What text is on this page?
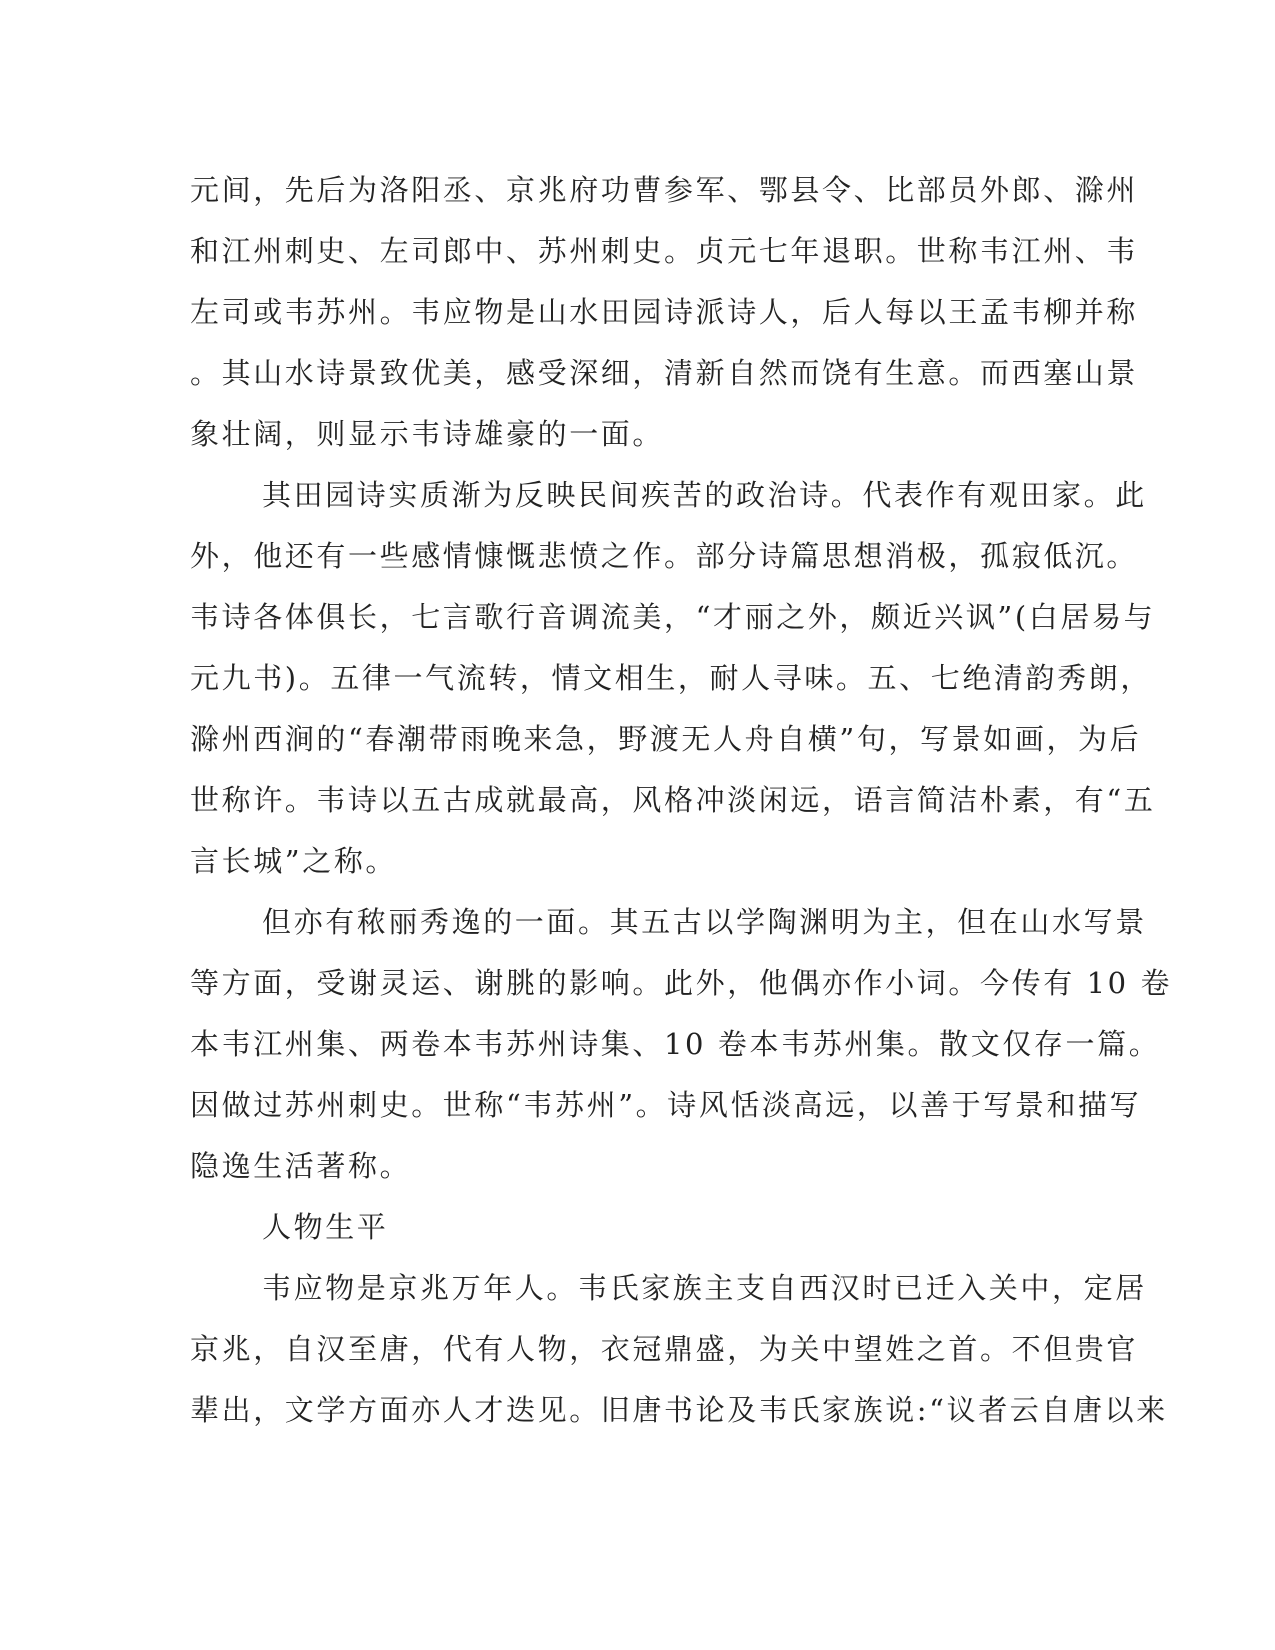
元间，先后为洛阳丞、京兆府功曹参军、鄂县令、比部员外郎、滁州

和江州刺史、左司郎中、苏州刺史。贞元七年退职。世称韦江州、韦

左司或韦苏州。韦应物是山水田园诗派诗人，后人每以王孟韦柳并称

。其山水诗景致优美，感受深细，清新自然而饶有生意。而西塞山景

象壮阔，则显示韦诗雄豪的一面。

其田园诗实质渐为反映民间疾苦的政治诗。代表作有观田家。此

外，他还有一些感情慷慨悲愤之作。部分诗篇思想消极，孤寂低沉。

韦诗各体俱长，七言歌行音调流美，“才丽之外，颇近兴讽”(白居易与

元九书)。五律一气流转，情文相生，耐人寻味。五、七绝清韵秀朗，

滁州西涧的“春潮带雨晚来急，野渡无人舟自横”句，写景如画，为后

世称许。韦诗以五古成就最高，风格冲淡闲远，语言简洁朴素，有“五

言长城”之称。

但亦有秾丽秀逸的一面。其五古以学陶渊明为主，但在山水写景

等方面，受谢灵运、谢朓的影响。此外，他偶亦作小词。今传有 10 卷

本韦江州集、两卷本韦苏州诗集、10 卷本韦苏州集。散文仅存一篇。

因做过苏州刺史。世称“韦苏州”。诗风恬淡高远，以善于写景和描写

隐逸生活著称。

人物生平

韦应物是京兆万年人。韦氏家族主支自西汉时已迁入关中，定居

京兆，自汉至唐，代有人物，衣冠鼎盛，为关中望姓之首。不但贵官

辈出，文学方面亦人才迭见。旧唐书论及韦氏家族说:“议者云自唐以来
